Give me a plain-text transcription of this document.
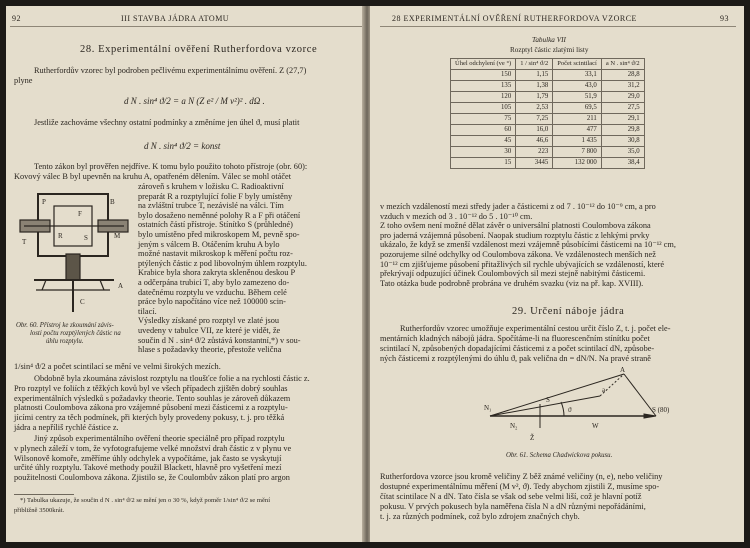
92	III STAVBA JÁDRA ATOMU
28. Experimentální ověření Rutherfordova vzorce
Rutherfordův vzorec byl podroben pečlivému experimentálnímu ověření. Z (27,7)
plyne
d N . sin⁴ ϑ/2 = a N (Z e² / M v²)² . dΩ .
Jestliže zachováme všechny ostatní podmínky a změníme jen úhel ϑ, musí platit
d N . sin⁴ ϑ/2 = konst
Tento zákon byl prověřen nejdříve. K tomu bylo použito tohoto přístroje (obr. 60):
Kovový válec B byl upevněn na kruhu A, opatřeném dělením. Válec se mohl otáčet
P	B
F
R	S	M
T
A
C
Obr. 60. Přístroj ke zkoumání závis-
losti počtu rozptýlených částic na
úhlu rozptylu.
1/sin⁴ ϑ/2 a počet scintilací se mění ve velmi širokých mezích.
*) Tabulka ukazuje, že součin d N . sin⁴ ϑ/2 se mění jen o 30 %, když poměr 1/sin⁴ ϑ/2 se mění
přibližně 3500krát.
zároveň s kruhem v ložisku C. Radioaktivní
preparát R a rozptylující folie F byly umístěny
na zvláštní trubce T, nezávislé na válci. Tím
bylo dosaženo neměnné polohy R a F při otáčení
ostatních částí přístroje. Stínítko S (průhledné)
bylo umístěno před mikroskopem M, pevně spo-
jeným s válcem B. Otáčením kruhu A bylo
možné nastavit mikroskop k měření počtu roz-
ptýlených částic z pod libovolným úhlem rozptylu.
Krabice byla shora zakryta skleněnou deskou P
a odčerpána trubicí T, aby bylo zamezeno do-
datečnému rozptylu ve vzduchu. Během celé
práce bylo napočítáno více než 100000 scin-
tilací.
Výsledky získané pro rozptyl ve zlaté jsou
uvedeny v tabulce VII, ze které je vidět, že
součin d N . sin⁴ ϑ/2 zůstává konstantní,*) v sou-
hlase s požadavky theorie, přestože velična
Obdobně byla zkoumána závislost rozptylu na tloušťce folie a na rychlosti částic z.
Pro rozptyl ve foliích z těžkých kovů byl ve všech případech zjištěn dobrý souhlas
experimentálních výsledků s požadavky theorie. Tento souhlas je zároveň důkazem
platnosti Coulombova zákona pro vzájemné působení mezi částicemi z a rozptylu-
jícími centry za těch podmínek, při kterých byly provedeny pokusy, t. j. pro těžká
jádra a nepříliš rychlé částice z.
Jiný způsob experimentálního ověření theorie speciálně pro případ rozptylu
v plynech záleží v tom, že vyfotografujeme velké množství drah částic z v plynu ve
Wilsonově komoře, změříme úhly odchylek a vypočítáme, jak často se vyskytují
určité úhly rozptylu. Takové methody použil Blackett, hlavně pro vyšetření mezí
použitelnosti Coulombova zákona. Zjistilo se, že Coulombův zákon platí pro argon
28 EXPERIMENTÁLNÍ OVĚŘENÍ RUTHERFORDOVA VZORCE	93
Tabulka VII
Rozptyl částic zlatými listy
Úhel odchylení (ve °)	1 / sin⁴ ϑ/2	Počet scintilací	a N . sin⁴ ϑ/2
150	1,15	33,1	28,8
135	1,38	43,0	31,2
120	1,79	51,9	29,0
105	2,53	69,5	27,5
75	7,25	211	29,1
60	16,0	477	29,8
45	46,6	1 435	30,8
30	223	7 800	35,0
15	3445	132 000	38,4
29. Určení náboje jádra
N₁
N₂
ϑ
A
S
a
W
S (80)
Ž
Obr. 61. Schema Chadwickova pokusu.
v mezích vzdáleností mezi středy jader a částicemi z od 7 . 10⁻¹² do 10⁻⁹ cm, a pro
vzduch v mezích od 3 . 10⁻¹² do 5 . 10⁻¹⁰ cm.
Z toho ovšem není možné dělat závěr o universální platnosti Coulombova zákona
pro jaderná vzájemná působení. Naopak studium rozptylu částic z lehkými prvky
ukázalo, že když se zmenší vzdálenost mezi vzájemně působícími částicemi na 10⁻¹² cm,
pozorujeme silné odchylky od Coulombova zákona. Ve vzdálenostech menších než
10⁻¹² cm zjišťujeme působení přitažlivých sil rychle ubývajících se vzdáleností, které
překrývají odpuzující účinek Coulombových sil mezi stejně nabitými částicemi.
Tato otázka bude podrobně probrána ve druhém svazku (viz na př. kap. XVIII).
Rutherfordův vzorec umožňuje experimentální cestou určit číslo Z, t. j. počet ele-
mentárních kladných nábojů jádra. Spočítáme-li na fluorescenčním stínítku počet
scintilací N, způsobených dopadajícími částicemi z a počet scintilací dN, způsobe-
ných částicemi z rozptýlenými do úhlu ϑ, pak velična dn = dN/N. Na pravé straně
Rutherfordova vzorce jsou kromě veličiny Z běž známé veličiny (n, e), nebo veličiny
dostupné experimentálnímu měření (M v², ϑ). Tedy abychom zjistili Z, musíme spo-
čítat scintilace N a dN. Tato čísla se však od sebe velmi liší, což je hlavní potíž
pokusu. V prvých pokusech byla naměřena čísla N a dN různými nepořádáními,
t. j. za různých podmínek, což bylo zdrojem značných chyb.
